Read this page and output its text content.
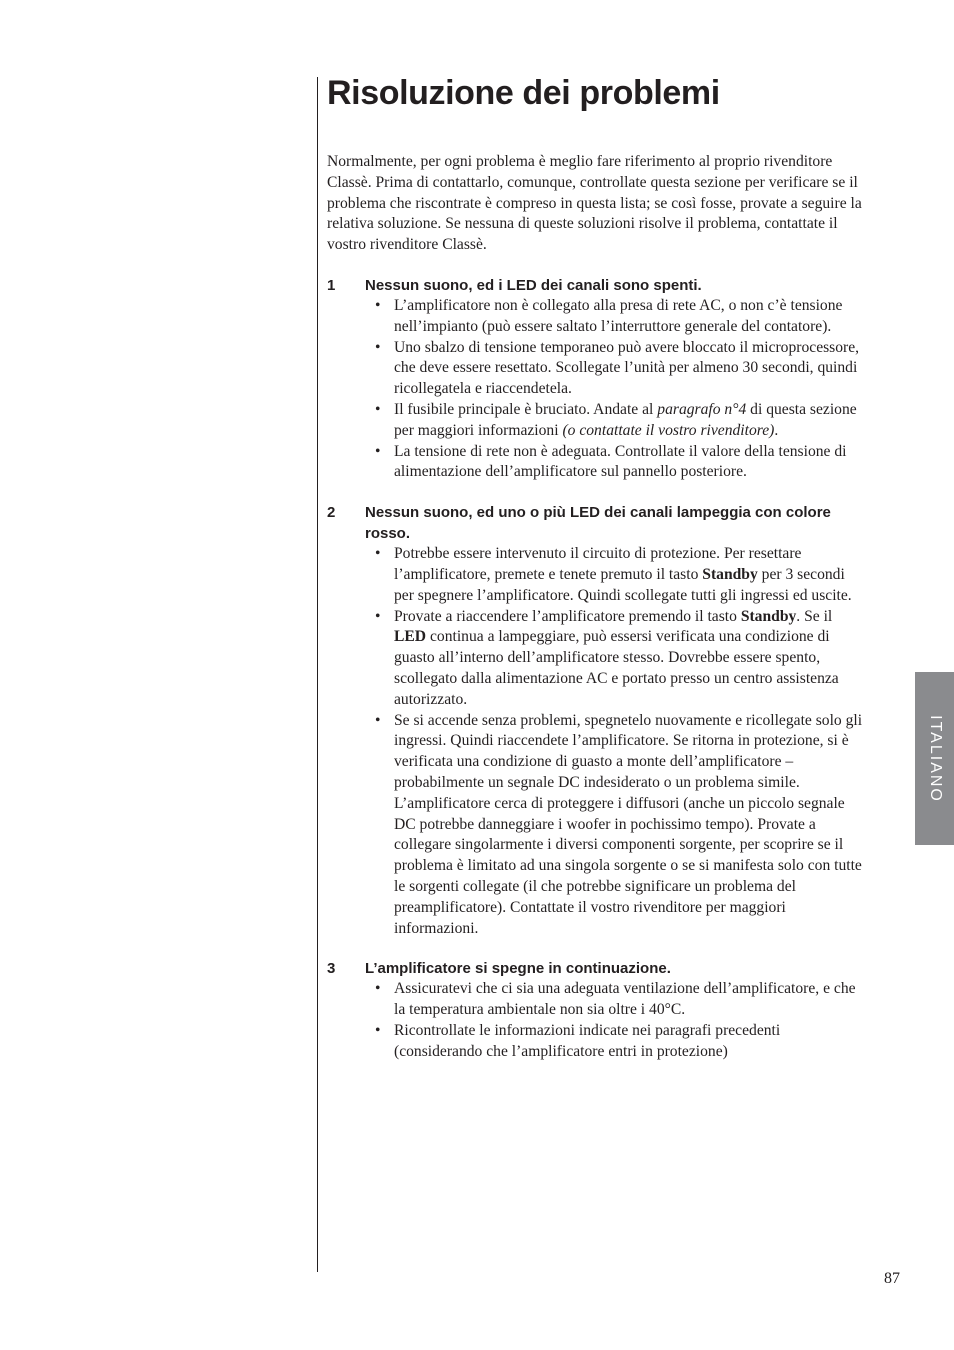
Risoluzione dei problemi

Normalmente, per ogni problema è meglio fare riferimento al proprio rivenditore Classè. Prima di contattarlo, comunque, controllate questa sezione per verificare se il problema che riscontrate è compreso in questa lista; se così fosse, provate a seguire la relativa soluzione. Se nessuna di queste soluzioni risolve il problema, contattate il vostro rivenditore Classè.

1	Nessun suono, ed i LED dei canali sono spenti.
• L’amplificatore non è collegato alla presa di rete AC, o non c’è tensione nell’impianto (può essere saltato l’interruttore generale del contatore).
• Uno sbalzo di tensione temporaneo può avere bloccato il microprocessore, che deve essere resettato. Scollegate l’unità per almeno 30 secondi, quindi ricollegatela e riaccendetela.
• Il fusibile principale è bruciato. Andate al paragrafo n°4 di questa sezione per maggiori informazioni (o contattate il vostro rivenditore).
• La tensione di rete non è adeguata. Controllate il valore della tensione di alimentazione dell’amplificatore sul pannello posteriore.
2	Nessun suono, ed uno o più LED dei canali lampeggia con colore rosso.
• Potrebbe essere intervenuto il circuito di protezione. Per resettare l’amplificatore, premete e tenete premuto il tasto Standby per 3 secondi per spegnere l’amplificatore. Quindi scollegate tutti gli ingressi ed uscite.
• Provate a riaccendere l’amplificatore premendo il tasto Standby. Se il LED continua a lampeggiare, può essersi verificata una condizione di guasto all’interno dell’amplificatore stesso. Dovrebbe essere spento, scollegato dalla alimentazione AC e portato presso un centro assistenza autorizzato.
• Se si accende senza problemi, spegnetelo nuovamente e ricollegate solo gli ingressi. Quindi riaccendete l’amplificatore. Se ritorna in protezione, si è verificata una condizione di guasto a monte dell’amplificatore – probabilmente un segnale DC indesiderato o un problema simile. L’amplificatore cerca di proteggere i diffusori (anche un piccolo segnale DC potrebbe danneggiare i woofer in pochissimo tempo). Provate a collegare singolarmente i diversi componenti sorgente, per scoprire se il problema è limitato ad una singola sorgente o se si manifesta solo con tutte le sorgenti collegate (il che potrebbe significare un problema del preamplificatore). Contattate il vostro rivenditore per maggiori informazioni.
3	L’amplificatore si spegne in continuazione.
• Assicuratevi che ci sia una adeguata ventilazione dell’amplificatore, e che la temperatura ambientale non sia oltre i 40°C.
• Ricontrollate le informazioni indicate nei paragrafi precedenti (considerando che l’amplificatore entri in protezione)
ITALIANO
87
